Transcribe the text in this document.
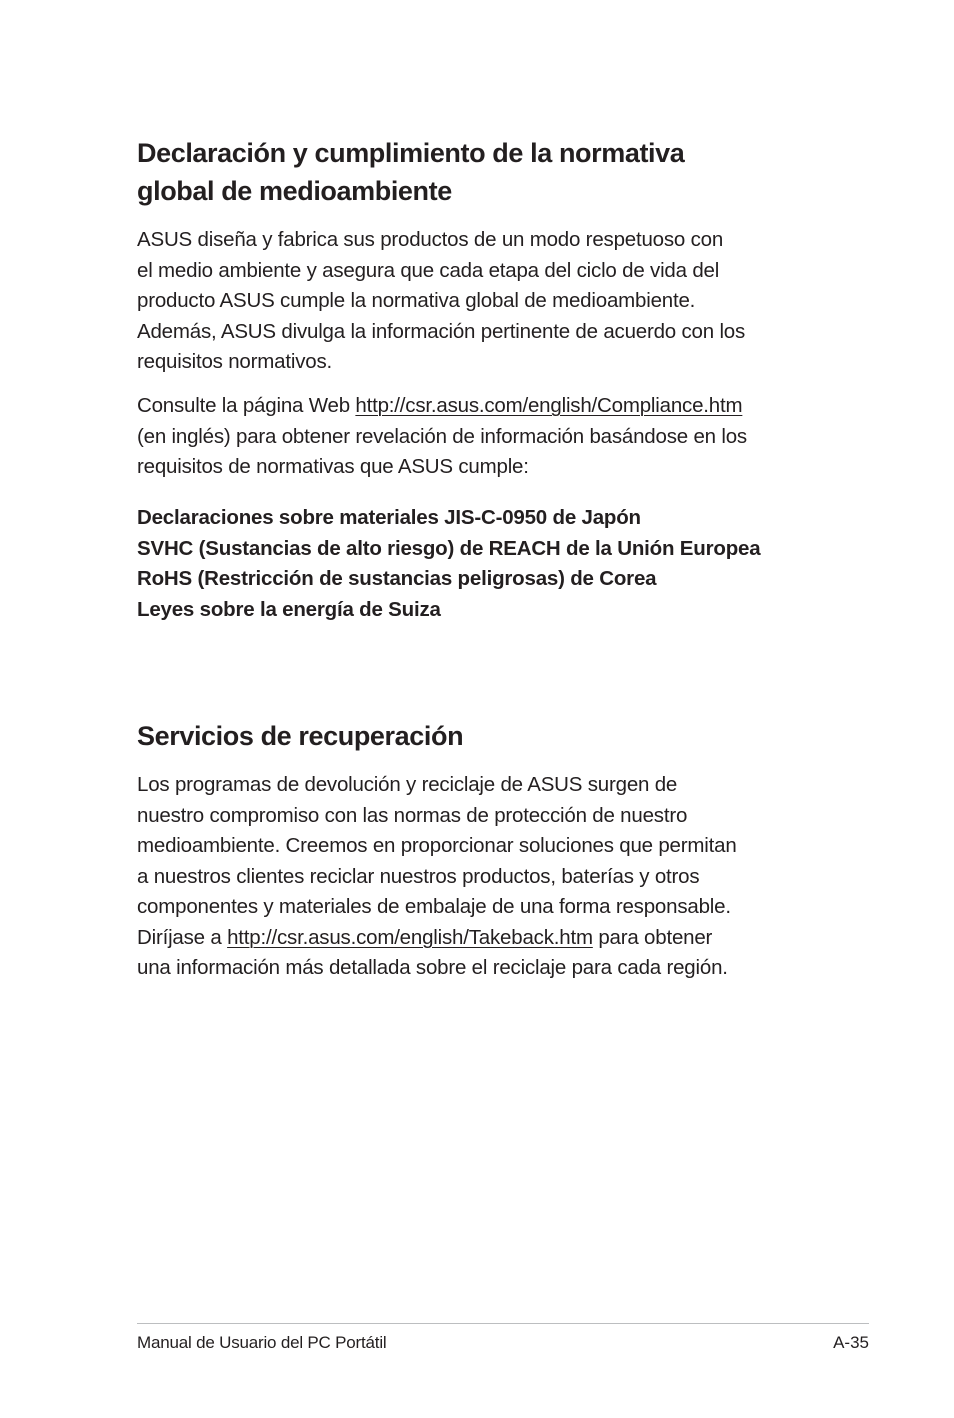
Declaración y cumplimiento de la normativa
global de medioambiente

ASUS diseña y fabrica sus productos de un modo respetuoso con
el medio ambiente y asegura que cada etapa del ciclo de vida del
producto ASUS cumple la normativa global de medioambiente.
Además, ASUS divulga la información pertinente de acuerdo con los
requisitos normativos.

Consulte la página Web http://csr.asus.com/english/Compliance.htm
(en inglés) para obtener revelación de información basándose en los
requisitos de normativas que ASUS cumple:

Declaraciones sobre materiales JIS-C-0950 de Japón
SVHC (Sustancias de alto riesgo) de REACH de la Unión Europea
RoHS (Restricción de sustancias peligrosas) de Corea
Leyes sobre la energía de Suiza
Servicios de recuperación

Los programas de devolución y reciclaje de ASUS surgen de
nuestro compromiso con las normas de protección de nuestro
medioambiente. Creemos en proporcionar soluciones que permitan
a nuestros clientes reciclar nuestros productos, baterías y otros
componentes y materiales de embalaje de una forma responsable.
Diríjase a http://csr.asus.com/english/Takeback.htm para obtener
una información más detallada sobre el reciclaje para cada región.

Manual de Usuario del PC Portátil	A-35
